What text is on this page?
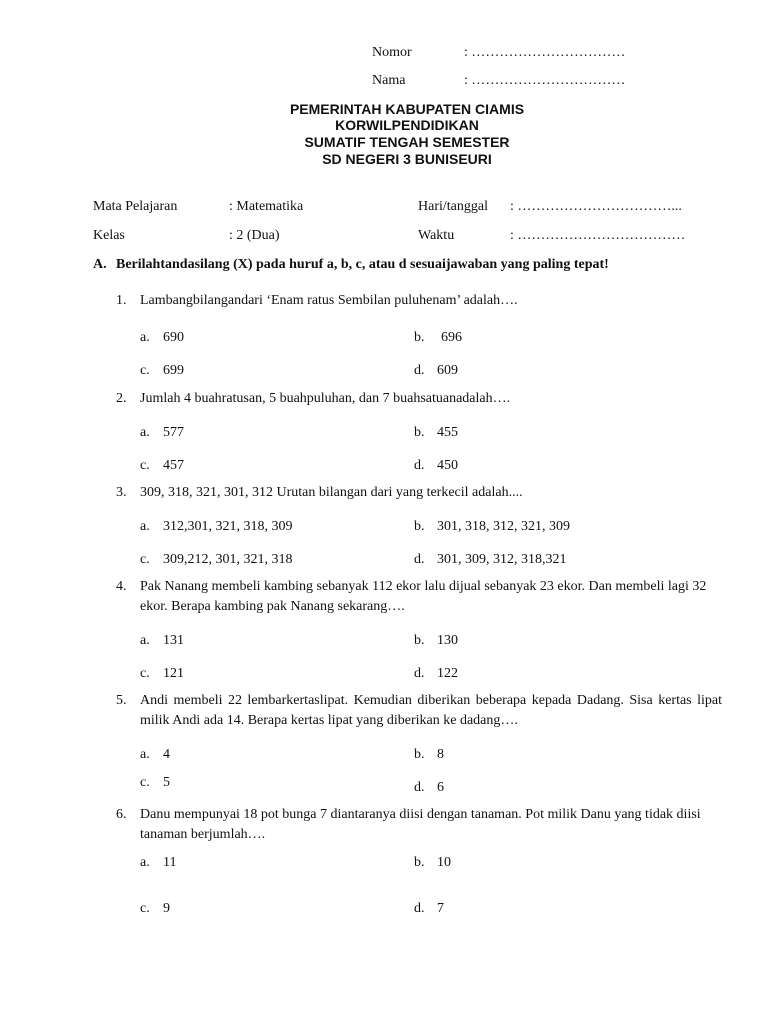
Nomor	: ……………………………
Nama	: ……………………………
PEMERINTAH KABUPATEN CIAMIS
KORWILPENDIDIKAN
SUMATIF TENGAH SEMESTER
SD NEGERI 3 BUNISEURI
Mata Pelajaran	: Matematika	Hari/tanggal : ……………………………...
Kelas	: 2 (Dua)	Waktu	: ………………………………
A. Berilahtandasilang (X) pada huruf a, b, c, atau d sesuaijawaban yang paling tepat!
1. Lambangbilangandari ‘Enam ratus Sembilan puluhenam’ adalah….
a. 690	b. 696
c. 699	d. 609
2. Jumlah 4 buahratusan, 5 buahpuluhan, dan 7 buahsatuanadalah….
a. 577	b. 455
c. 457	d. 450
3. 309, 318, 321, 301, 312 Urutan bilangan dari yang terkecil adalah....
a. 312,301, 321, 318, 309	b. 301, 318, 312, 321, 309
c. 309,212, 301, 321, 318	d. 301, 309, 312, 318,321
4. Pak Nanang membeli kambing sebanyak 112 ekor lalu dijual sebanyak 23 ekor. Dan membeli lagi 32 ekor. Berapa kambing pak Nanang sekarang….
a. 131	b. 130
c. 121	d. 122
5. Andi membeli 22 lembarkertaslipat. Kemudian diberikan beberapa kepada Dadang. Sisa kertas lipat milik Andi ada 14. Berapa kertas lipat yang diberikan ke dadang….
a. 4	b. 8
c. 5	d. 6
6. Danu mempunyai 18 pot bunga 7 diantaranya diisi dengan tanaman. Pot milik Danu yang tidak diisi tanaman berjumlah….
a. 11	b. 10
c. 9	d. 7
